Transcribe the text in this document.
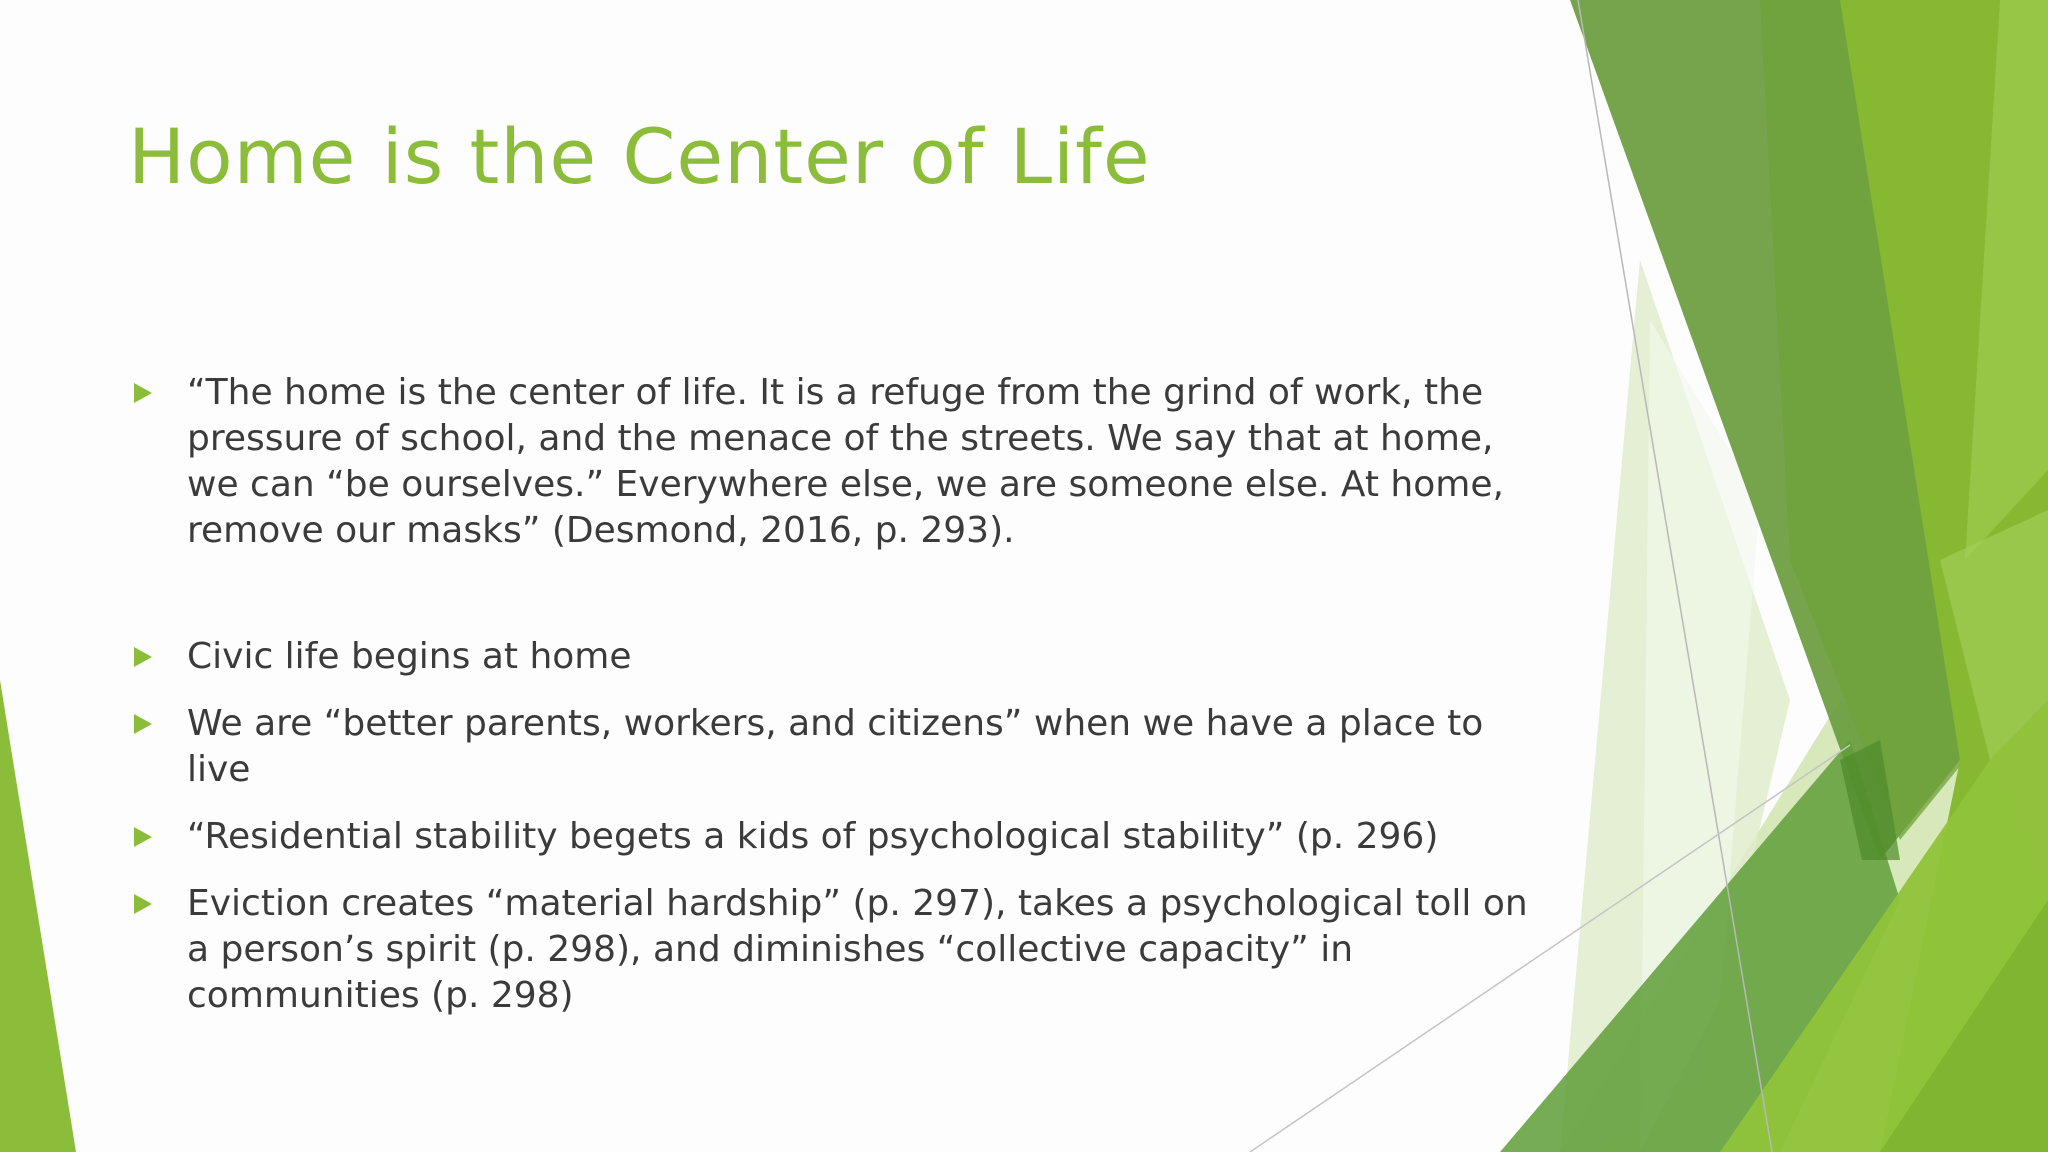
Home is the Center of Life
“The home is the center of life. It is a refuge from the grind of work, the pressure of school, and the menace of the streets. We say that at home, we can “be ourselves.” Everywhere else, we are someone else. At home, remove our masks” (Desmond, 2016, p. 293).
Civic life begins at home
We are “better parents, workers, and citizens” when we have a place to live
“Residential stability begets a kids of psychological stability” (p. 296)
Eviction creates “material hardship” (p. 297), takes a psychological toll on a person’s spirit (p. 298), and diminishes “collective capacity” in communities (p. 298)
